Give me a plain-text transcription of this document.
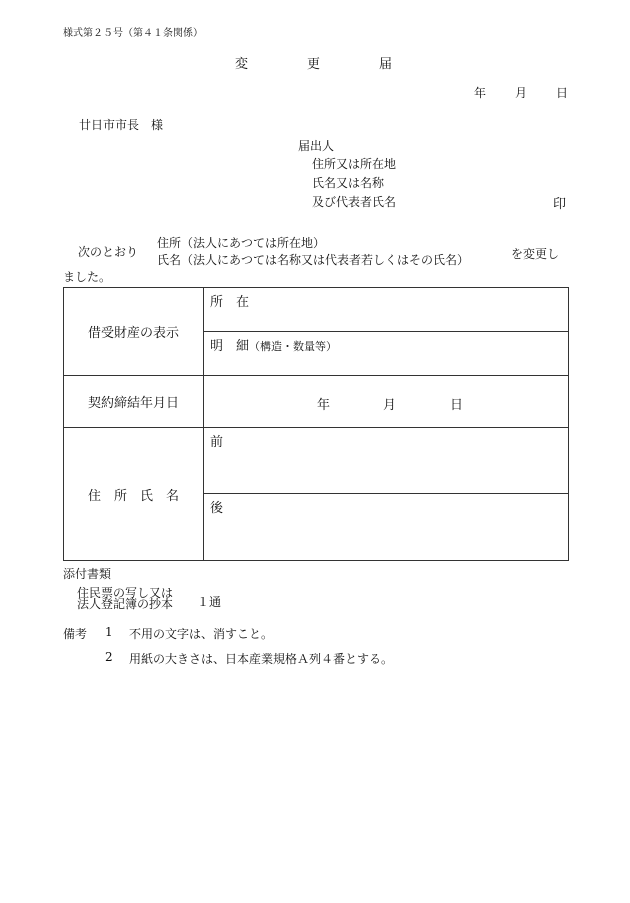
様式第２５号（第４１条関係）
変	更	届
年 月 日
廿日市市長　様
届出人
住所又は所在地
氏名又は名称
及び代表者氏名	印
次のとおり
住所（法人にあつては所在地）
氏名（法人にあつては名称又は代表者若しくはその氏名）	を変更し
ました。
借受財産の表示	所　在
	明　細（構造・数量等）
契約締結年月日	年 月 日

住　所　氏　名	前
	後
添付書類
住民票の写し又は
法人登記簿の抄本 １通
備考 1 不用の文字は、消すこと。
2 用紙の大きさは、日本産業規格Ａ列４番とする。
